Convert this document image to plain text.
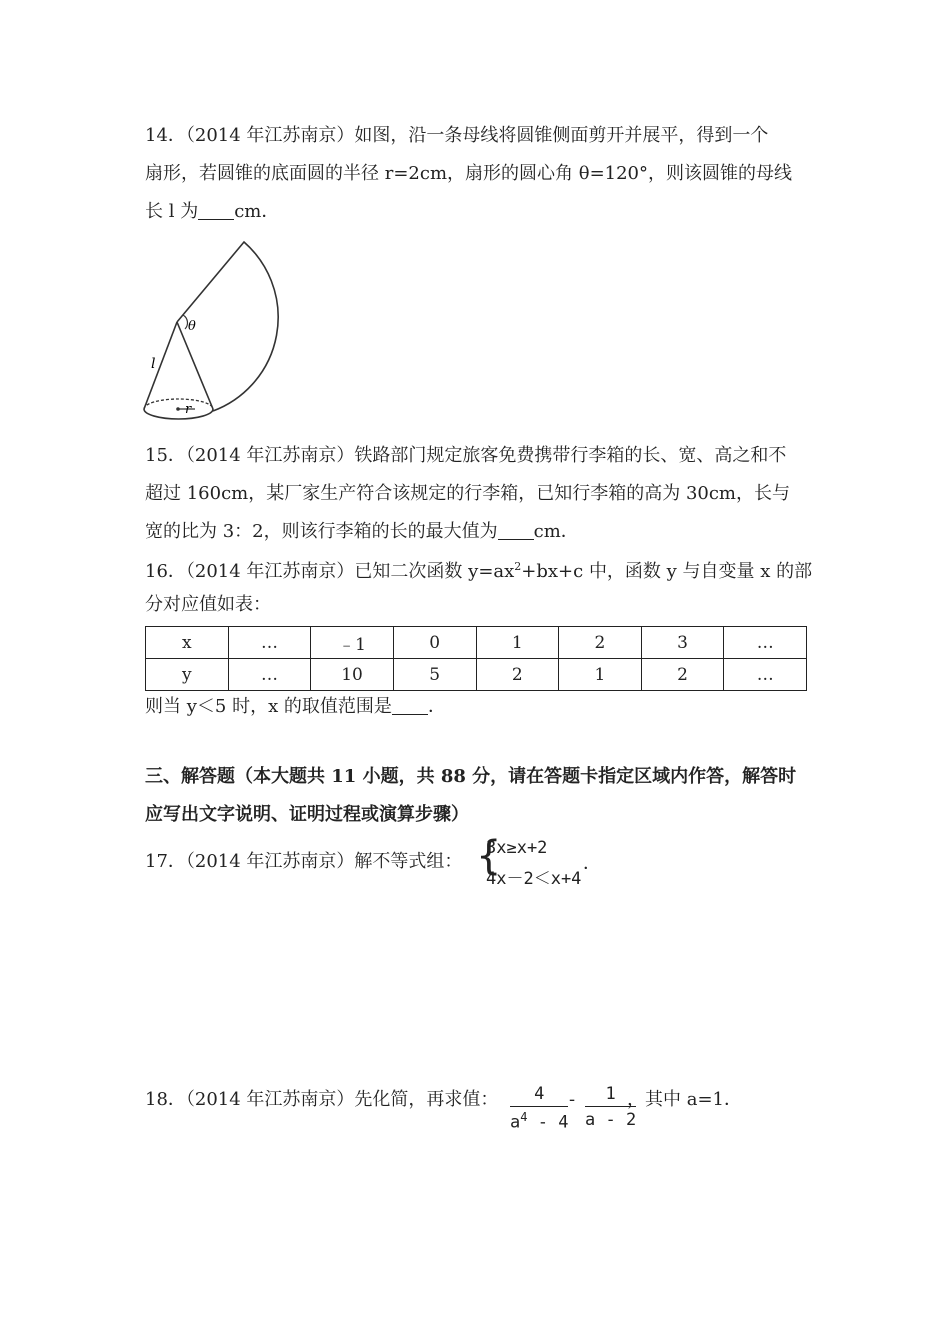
14．（2014 年江苏南京）如图，沿一条母线将圆锥侧面剪开并展平，得到一个
扇形，若圆锥的底面圆的半径 r=2cm，扇形的圆心角 θ=120°，则该圆锥的母线
长 l 为 cm．
θ
l
r
15．（2014 年江苏南京）铁路部门规定旅客免费携带行李箱的长、宽、高之和不
超过 160cm，某厂家生产符合该规定的行李箱，已知行李箱的高为 30cm，长与
宽的比为 3：2，则该行李箱的长的最大值为 cm．
16．（2014 年江苏南京）已知二次函数 $y=ax^2+bx+c$ 中，函数 y 与自变量 x 的部
分对应值如表：
x	…	﹣1	0	1	2	3	…
y	…	10	5	2	1	2	…
则当 y＜5 时，x 的取值范围是 ．
三、解答题（本大题共 11 小题，共 88 分，请在答题卡指定区域内作答，解答时
应写出文字说明、证明过程或演算步骤）
17．（2014 年江苏南京）解不等式组： {
3x≥x+2
4x－2＜x+4
．
18．（2014 年江苏南京）先化简，再求值： $\frac{4}{a^4 - 4} - \frac{1}{a - 2}$
，其中 a=1．
